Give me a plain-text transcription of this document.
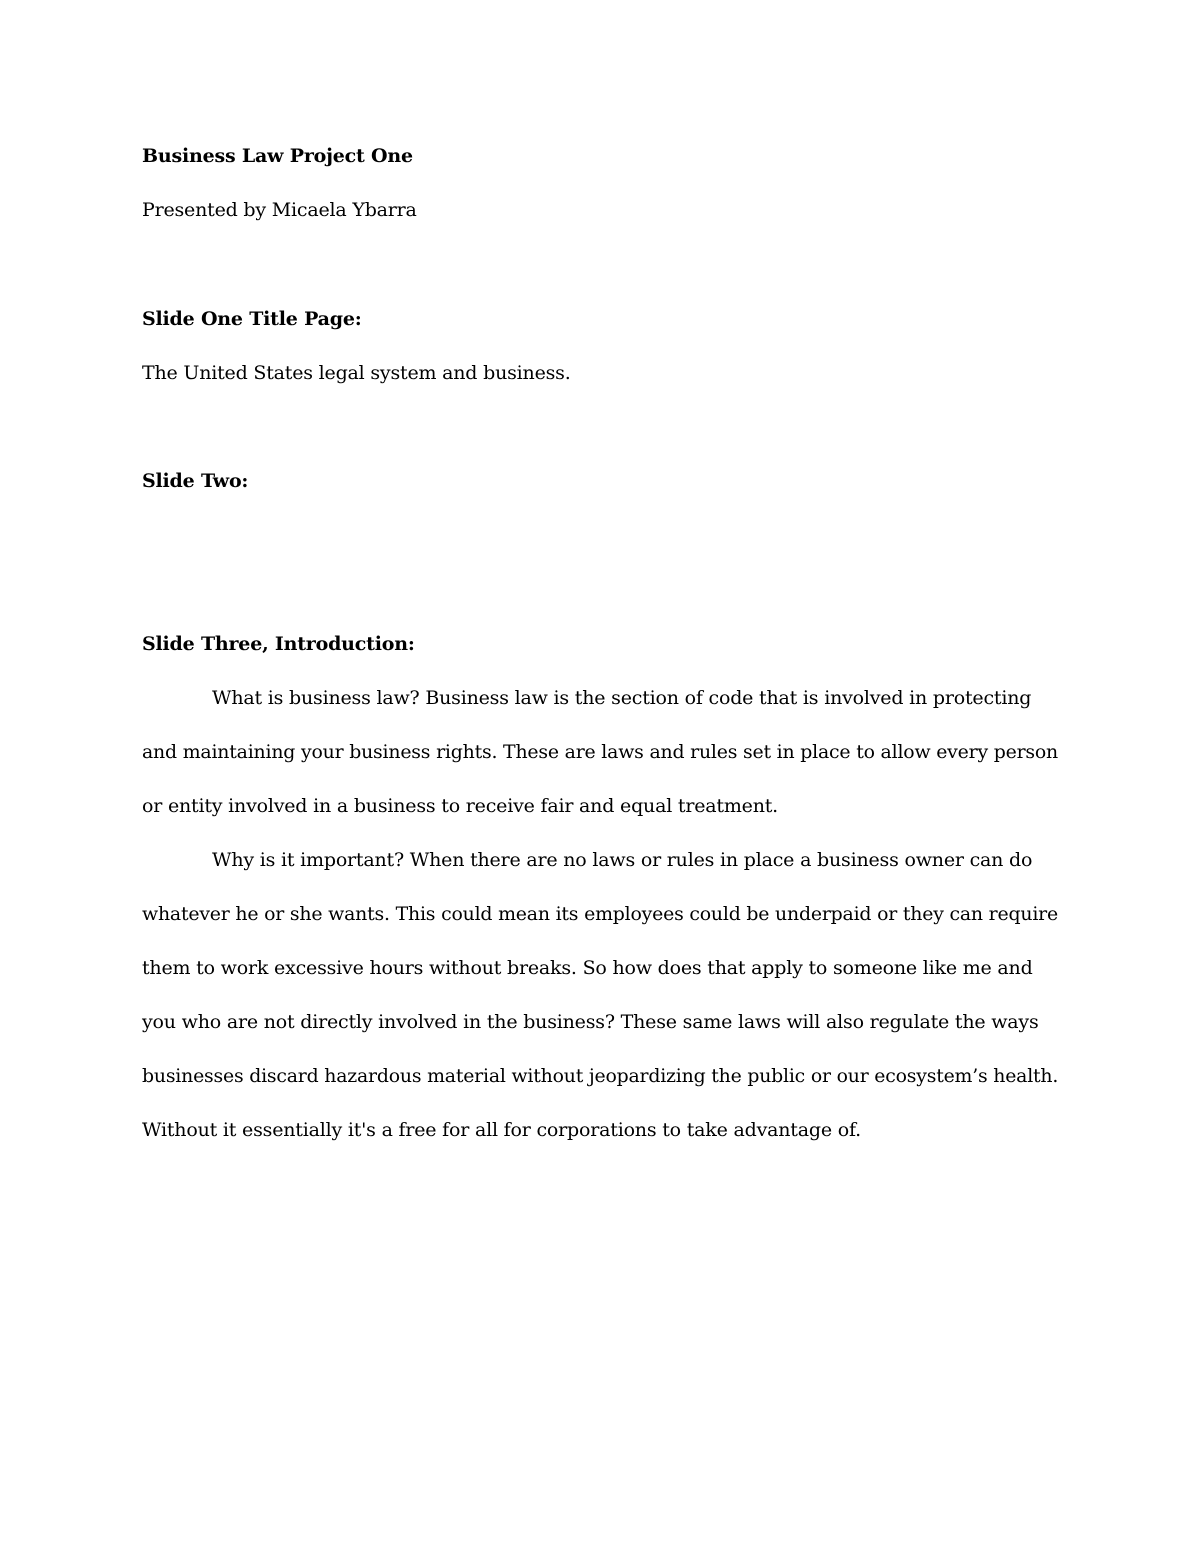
Business Law Project One
Presented by Micaela Ybarra
Slide One Title Page:
The United States legal system and business.
Slide Two:
Slide Three, Introduction:
What is business law? Business law is the section of code that is involved in protecting
and maintaining your business rights. These are laws and rules set in place to allow every person
or entity involved in a business to receive fair and equal treatment.
Why is it important? When there are no laws or rules in place a business owner can do
whatever he or she wants. This could mean its employees could be underpaid or they can require
them to work excessive hours without breaks. So how does that apply to someone like me and
you who are not directly involved in the business? These same laws will also regulate the ways
businesses discard hazardous material without jeopardizing the public or our ecosystem’s health.
Without it essentially it's a free for all for corporations to take advantage of.
